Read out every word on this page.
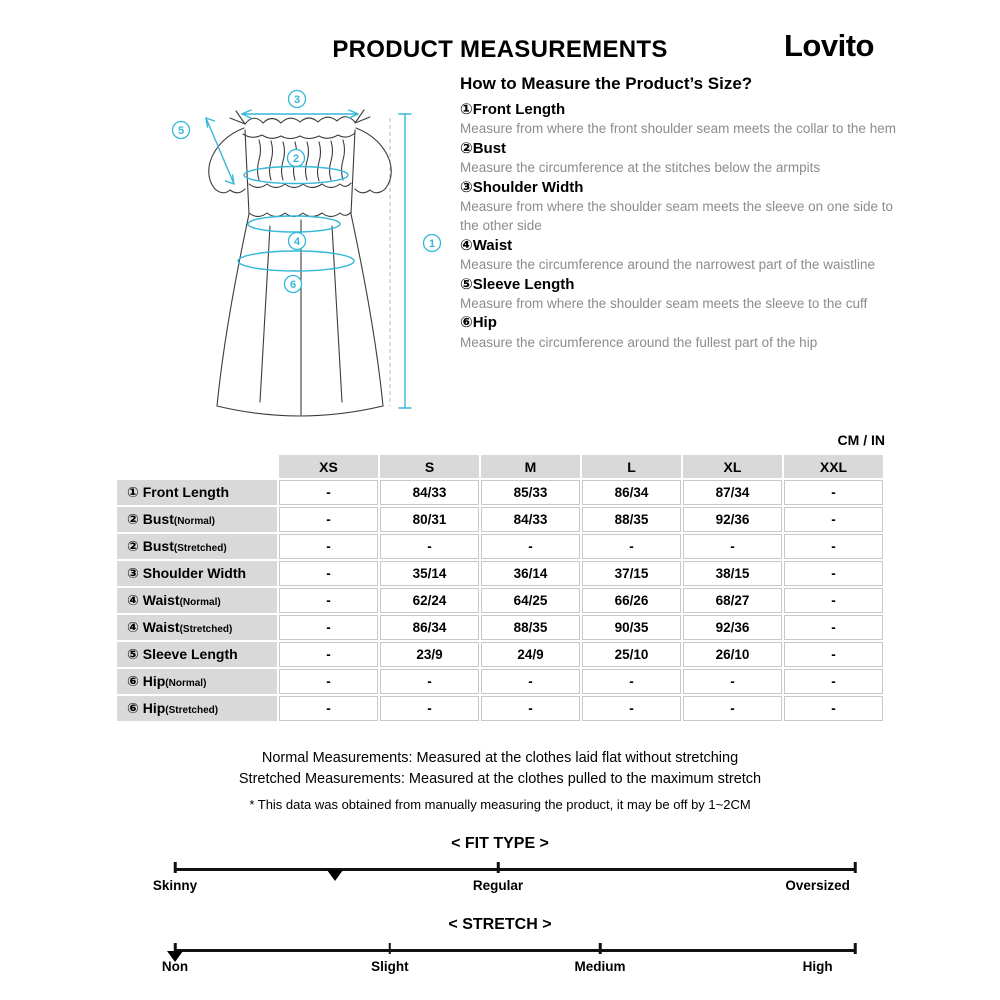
PRODUCT MEASUREMENTS	Lovito
1
2
3
4
5
6
How to Measure the Product’s Size?
①Front Length
Measure from where the front shoulder seam meets the collar to the hem
②Bust
Measure the circumference at the stitches below the armpits
③Shoulder Width
Measure from where the shoulder seam meets the sleeve on one side to the other side
④Waist
Measure the circumference around the narrowest part of the waistline
⑤Sleeve Length
Measure from where the shoulder seam meets the sleeve to the cuff
⑥Hip
Measure the circumference around the fullest part of the hip
CM / IN
	XS	S	M	L	XL	XXL
① Front Length	-	84/33	85/33	86/34	87/34	-
② Bust(Normal)	-	80/31	84/33	88/35	92/36	-
② Bust(Stretched)	-	-	-	-	-	-
③ Shoulder Width	-	35/14	36/14	37/15	38/15	-
④ Waist(Normal)	-	62/24	64/25	66/26	68/27	-
④ Waist(Stretched)	-	86/34	88/35	90/35	92/36	-
⑤ Sleeve Length	-	23/9	24/9	25/10	26/10	-
⑥ Hip(Normal)	-	-	-	-	-	-
⑥ Hip(Stretched)	-	-	-	-	-	-
Normal Measurements: Measured at the clothes laid flat without stretching
Stretched Measurements: Measured at the clothes pulled to the maximum stretch
* This data was obtained from manually measuring the product, it may be off by 1~2CM
< FIT TYPE >
Skinny	Regular	Oversized
< STRETCH >
Non	Slight	Medium	High
